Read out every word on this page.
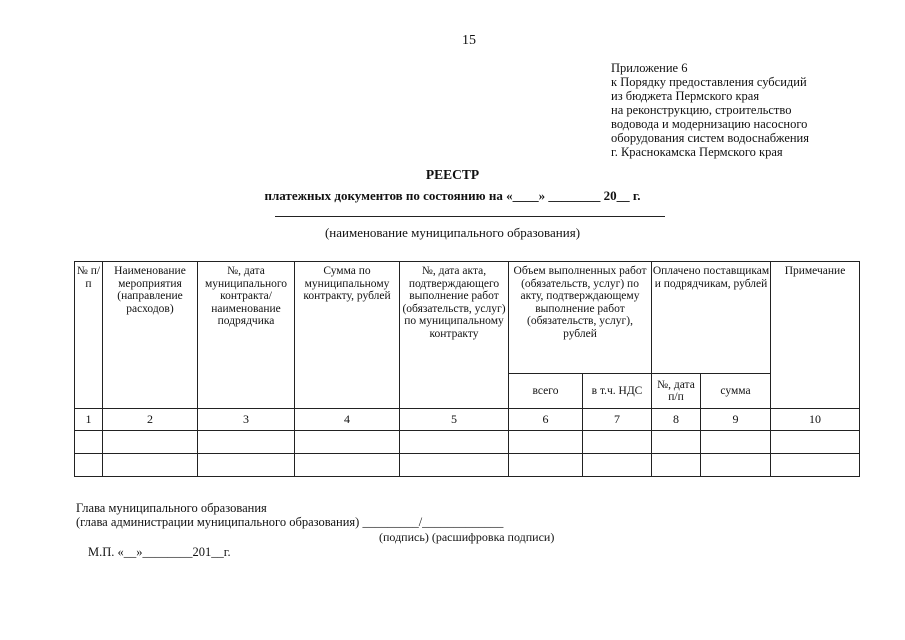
15
Приложение 6
к Порядку предоставления субсидий
из бюджета Пермского края
на реконструкцию, строительство
водовода и модернизацию насосного
оборудования систем водоснабжения
г. Краснокамска Пермского края
РЕЕСТР
платежных документов по состоянию на «____» ________ 20__ г.
(наименование муниципального образования)
№ п/п	Наименование мероприятия (направление расходов)	№, дата муниципального контракта/ наименование подрядчика	Сумма по муниципальному контракту, рублей	№, дата акта, подтверждающего выполнение работ (обязательств, услуг) по муниципальному контракту	Объем выполненных работ (обязательств, услуг) по акту, подтверждающему выполнение работ (обязательств, услуг), рублей		Оплачено поставщикам и подрядчикам, рублей		Примечание
					всего	в т.ч. НДС	№, дата п/п	сумма	
1	2	3	4	5	6	7	8	9	10

Глава муниципального образования
(глава администрации муниципального образования) _________/_____________
(подпись) (расшифровка подписи)
М.П. «__»________201__г.
